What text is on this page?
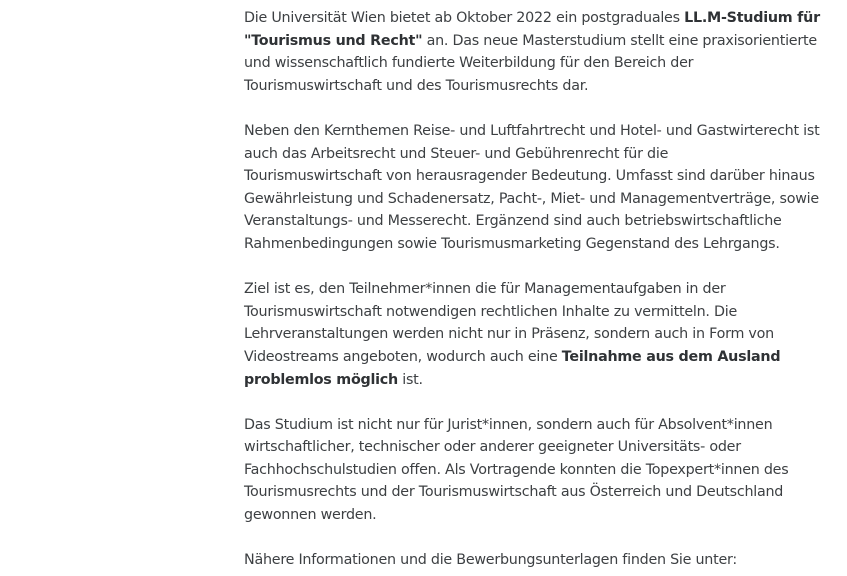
Die Universität Wien bietet ab Oktober 2022 ein postgraduales LL.M-Studium für
"Tourismus und Recht" an. Das neue Masterstudium stellt eine praxisorientierte
und wissenschaftlich fundierte Weiterbildung für den Bereich der
Tourismuswirtschaft und des Tourismusrechts dar.

Neben den Kernthemen Reise- und Luftfahrtrecht und Hotel- und Gastwirterecht ist
auch das Arbeitsrecht und Steuer- und Gebührenrecht für die
Tourismuswirtschaft von herausragender Bedeutung. Umfasst sind darüber hinaus
Gewährleistung und Schadenersatz, Pacht-, Miet- und Managementverträge, sowie
Veranstaltungs- und Messerecht. Ergänzend sind auch betriebswirtschaftliche
Rahmenbedingungen sowie Tourismusmarketing Gegenstand des Lehrgangs.

Ziel ist es, den Teilnehmer*innen die für Managementaufgaben in der
Tourismuswirtschaft notwendigen rechtlichen Inhalte zu vermitteln. Die
Lehrveranstaltungen werden nicht nur in Präsenz, sondern auch in Form von
Videostreams angeboten, wodurch auch eine Teilnahme aus dem Ausland
problemlos möglich ist.

Das Studium ist nicht nur für Jurist*innen, sondern auch für Absolvent*innen
wirtschaftlicher, technischer oder anderer geeigneter Universitäts- oder
Fachhochschulstudien offen. Als Vortragende konnten die Topexpert*innen des
Tourismusrechts und der Tourismuswirtschaft aus Österreich und Deutschland
gewonnen werden.

Nähere Informationen und die Bewerbungsunterlagen finden Sie unter:
